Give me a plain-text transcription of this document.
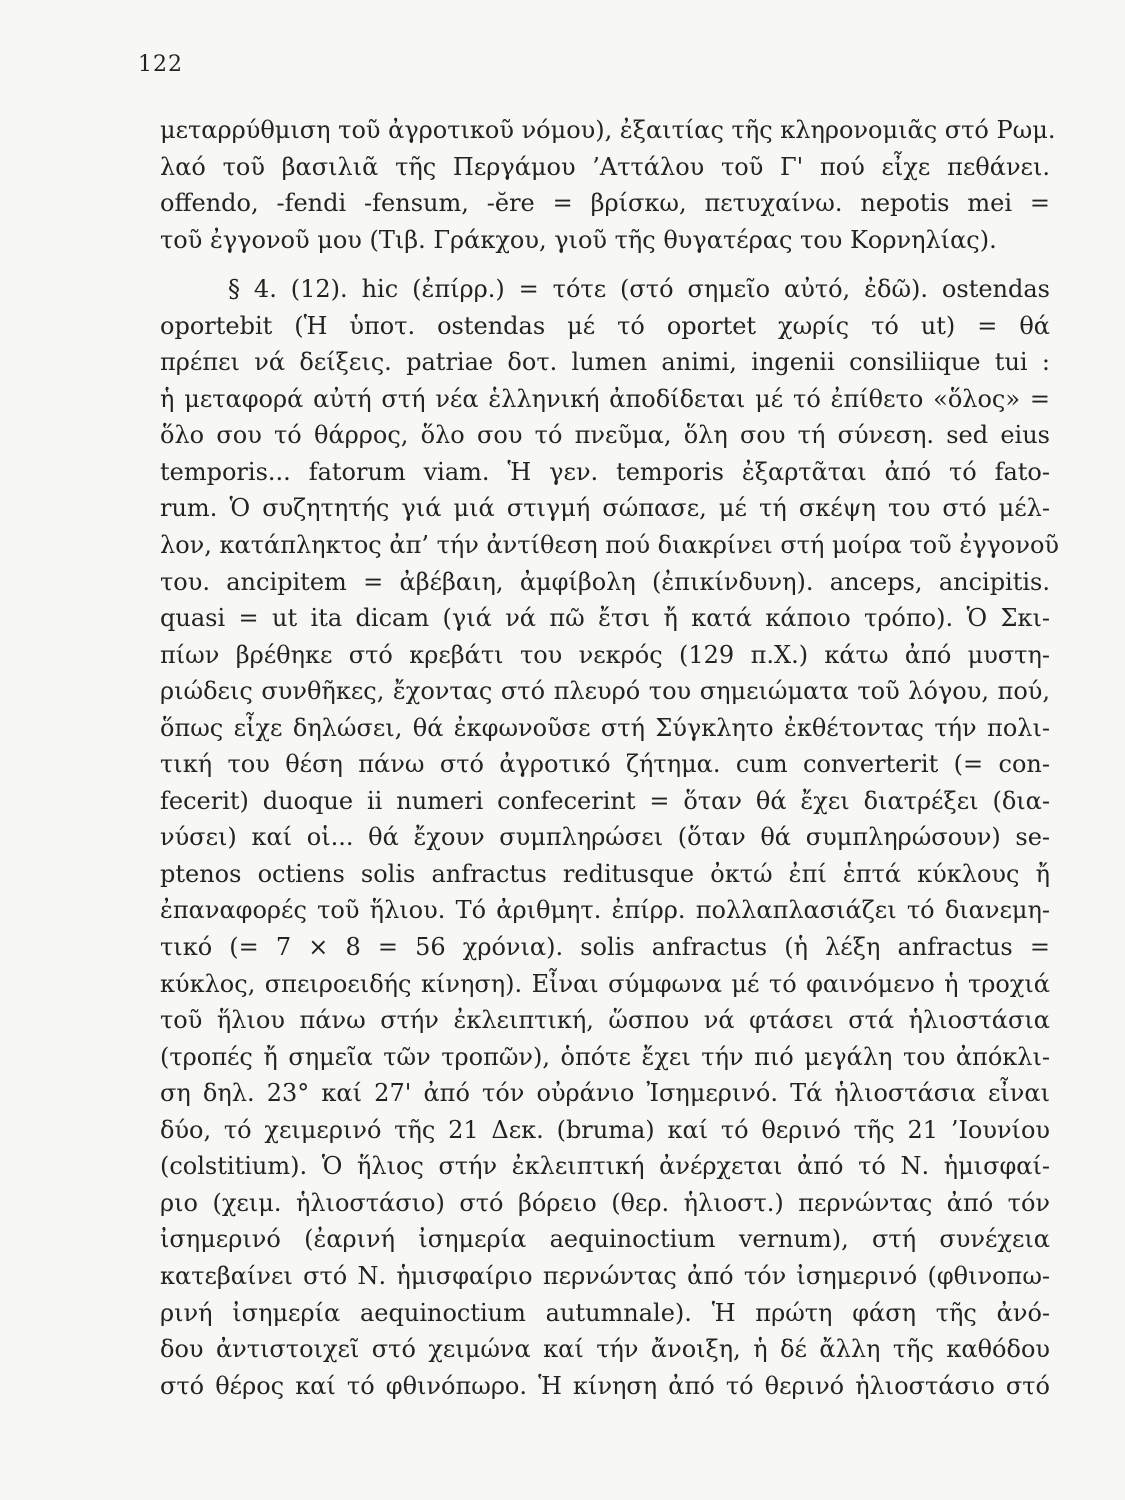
122
μεταρρύθμιση τοῦ ἀγροτικοῦ νόμου), ἐξαιτίας τῆς κληρονομιᾶς στό Ρωμ.
λαό τοῦ βασιλιᾶ τῆς Περγάμου ’Αττάλου τοῦ Γ' πού εἶχε πεθάνει.
offendo, -fendi -fensum, -ĕre = βρίσκω, πετυχαίνω. nepotis mei =
τοῦ ἐγγονοῦ μου (Τιβ. Γράκχου, γιοῦ τῆς θυγατέρας του Κορνηλίας).
§ 4. (12). hic (ἐπίρρ.) = τότε (στό σημεῖο αὐτό, ἐδῶ). ostendas
oportebit (Ἡ ὑποτ. ostendas μέ τό oportet χωρίς τό ut) = θά
πρέπει νά δείξεις. patriae δοτ. lumen animi, ingenii consiliique tui :
ἡ μεταφορά αὐτή στή νέα ἑλληνική ἀποδίδεται μέ τό ἐπίθετο «ὅλος» =
ὅλο σου τό θάρρος, ὅλο σου τό πνεῦμα, ὅλη σου τή σύνεση. sed eius
temporis... fatorum viam. Ἡ γεν. temporis ἐξαρτᾶται ἀπό τό fato-
rum. Ὁ συζητητής γιά μιά στιγμή σώπασε, μέ τή σκέψη του στό μέλ-
λον, κατάπληκτος ἀπ’ τήν ἀντίθεση πού διακρίνει στή μοίρα τοῦ ἐγγονοῦ
του. ancipitem = ἀβέβαιη, ἀμφίβολη (ἐπικίνδυνη). anceps, ancipitis.
quasi = ut ita dicam (γιά νά πῶ ἔτσι ἤ κατά κάποιο τρόπο). Ὁ Σκι-
πίων βρέθηκε στό κρεβάτι του νεκρός (129 π.Χ.) κάτω ἀπό μυστη-
ριώδεις συνθῆκες, ἔχοντας στό πλευρό του σημειώματα τοῦ λόγου, πού,
ὅπως εἶχε δηλώσει, θά ἐκφωνοῦσε στή Σύγκλητο ἐκθέτοντας τήν πολι-
τική του θέση πάνω στό ἀγροτικό ζήτημα. cum converterit (= con-
fecerit) duoque ii numeri confecerint = ὅταν θά ἔχει διατρέξει (δια-
νύσει) καί οἱ... θά ἔχουν συμπληρώσει (ὅταν θά συμπληρώσουν) se-
ptenos octiens solis anfractus reditusque ὀκτώ ἐπί ἑπτά κύκλους ἤ
ἐπαναφορές τοῦ ἥλιου. Τό ἀριθμητ. ἐπίρρ. πολλαπλασιάζει τό διανεμη-
τικό (= 7 × 8 = 56 χρόνια). solis anfractus (ἡ λέξη anfractus =
κύκλος, σπειροειδής κίνηση). Εἶναι σύμφωνα μέ τό φαινόμενο ἡ τροχιά
τοῦ ἥλιου πάνω στήν ἐκλειπτική, ὥσπου νά φτάσει στά ἡλιοστάσια
(τροπές ἤ σημεῖα τῶν τροπῶν), ὁπότε ἔχει τήν πιό μεγάλη του ἀπόκλι-
ση δηλ. 23° καί 27' ἀπό τόν οὐράνιο Ἰσημερινό. Τά ἡλιοστάσια εἶναι
δύο, τό χειμερινό τῆς 21 Δεκ. (bruma) καί τό θερινό τῆς 21 ’Ιουνίου
(colstitium). Ὁ ἥλιος στήν ἐκλειπτική ἀνέρχεται ἀπό τό Ν. ἡμισφαί-
ριο (χειμ. ἡλιοστάσιο) στό βόρειο (θερ. ἡλιοστ.) περνώντας ἀπό τόν
ἰσημερινό (ἐαρινή ἰσημερία aequinoctium vernum), στή συνέχεια
κατεβαίνει στό Ν. ἡμισφαίριο περνώντας ἀπό τόν ἰσημερινό (φθινοπω-
ρινή ἰσημερία aequinoctium autumnale). Ἡ πρώτη φάση τῆς ἀνό-
δου ἀντιστοιχεῖ στό χειμώνα καί τήν ἄνοιξη, ἡ δέ ἄλλη τῆς καθόδου
στό θέρος καί τό φθινόπωρο. Ἡ κίνηση ἀπό τό θερινό ἡλιοστάσιο στό
